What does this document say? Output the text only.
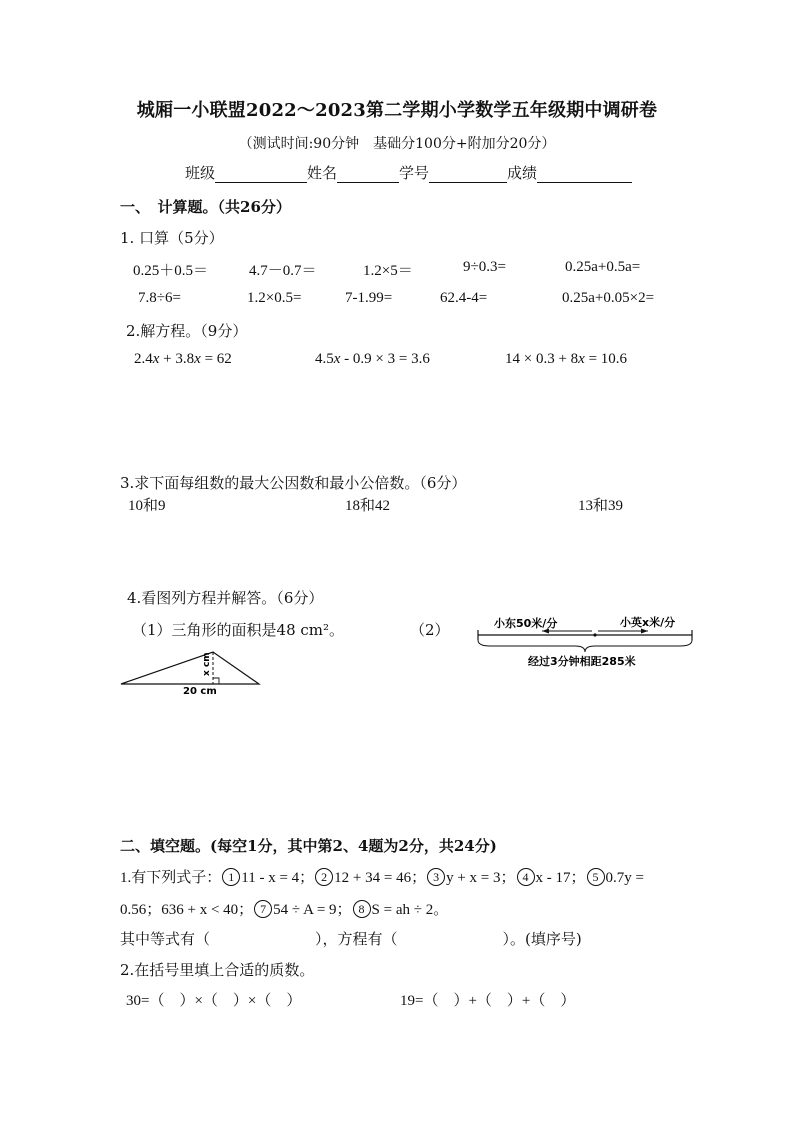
城厢一小联盟2022～2023第二学期小学数学五年级期中调研卷
（测试时间:90分钟　基础分100分+附加分20分）
班级	姓名	学号	成绩
一、　计算题。（共26分）
1. 口算（5分）
0.25＋0.5＝	4.7－0.7＝	1.2×5＝	9÷0.3=	0.25a+0.5a=
7.8÷6=	1.2×0.5=	7-1.99=	62.4-4=	0.25a+0.05×2=
2.解方程。（9分）
2.4x + 3.8x = 62	4.5x - 0.9 × 3 = 3.6	14 × 0.3 + 8x = 10.6
3.求下面每组数的最大公因数和最小公倍数。（6分）
10和9	18和42	13和39
4.看图列方程并解答。（6分）
（1）三角形的面积是48 cm²。	（2）
x cm
20 cm
小东50米/分	小英x米/分
经过3分钟相距285米
二、填空题。(每空1分，其中第2、4题为2分，共24分)
1.有下列式子： 1 11 - x = 4； 2 12 + 34 = 46； 3 y + x = 3； 4 x - 17； 5 0.7y =
0.56；636 + x < 40； 7 54 ÷ A = 9； 8 S = ah ÷ 2。
其中等式有（　　　　　　　），方程有（　　　　　　　）。(填序号)
2.在括号里填上合适的质数。
30=（　）×（　）×（　）	19=（　）+（　）+（　）
